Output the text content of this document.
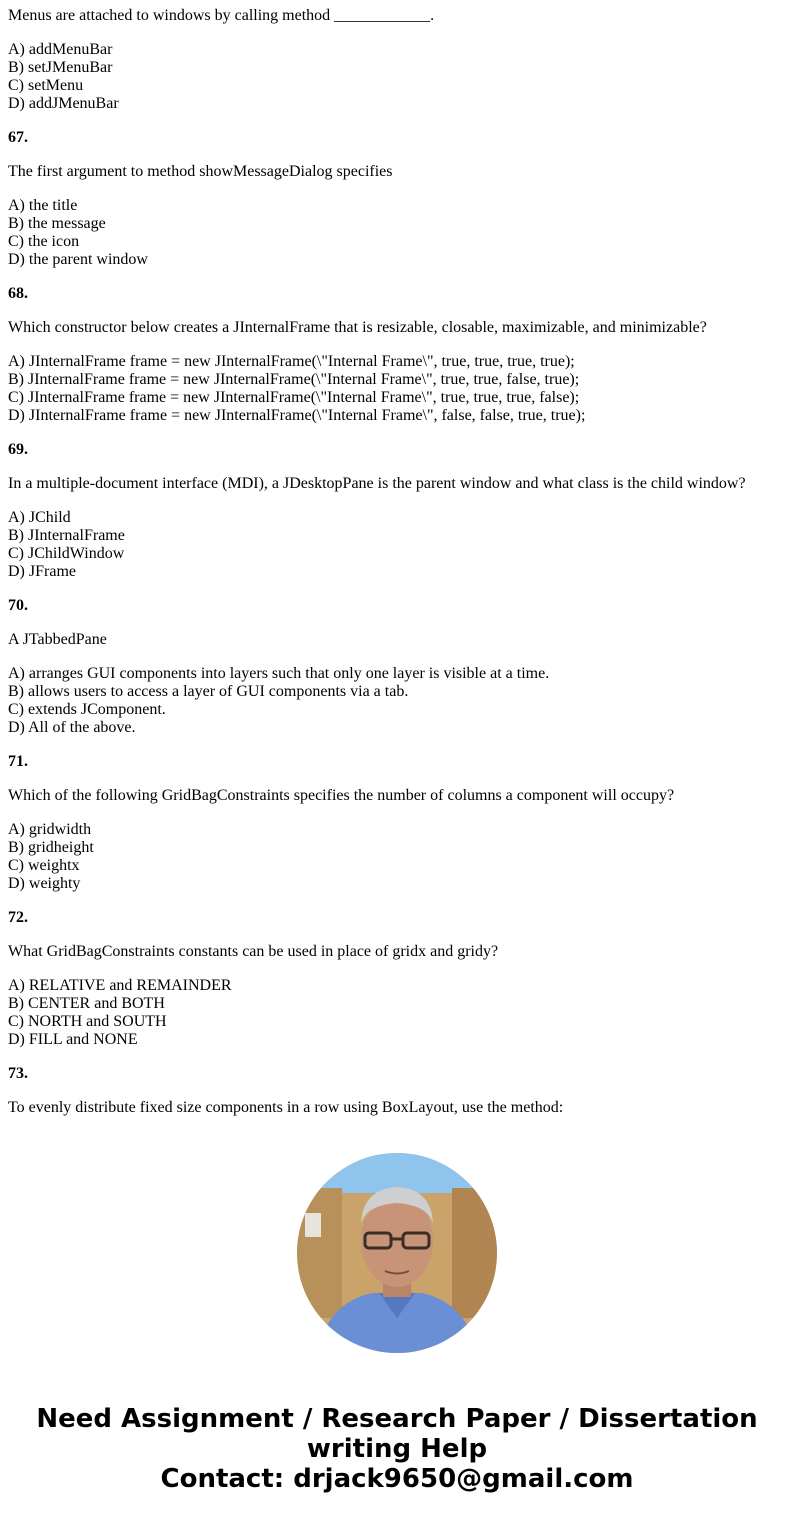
Menus are attached to windows by calling method ____________.

A) addMenuBar
B) setJMenuBar
C) setMenu
D) addJMenuBar

67.

The first argument to method showMessageDialog specifies

A) the title
B) the message
C) the icon
D) the parent window

68.

Which constructor below creates a JInternalFrame that is resizable, closable, maximizable, and minimizable?

A) JInternalFrame frame = new JInternalFrame(\"Internal Frame\", true, true, true, true);
B) JInternalFrame frame = new JInternalFrame(\"Internal Frame\", true, true, false, true);
C) JInternalFrame frame = new JInternalFrame(\"Internal Frame\", true, true, true, false);
D) JInternalFrame frame = new JInternalFrame(\"Internal Frame\", false, false, true, true);

69.

In a multiple-document interface (MDI), a JDesktopPane is the parent window and what class is the child window?

A) JChild
B) JInternalFrame
C) JChildWindow
D) JFrame

70.

A JTabbedPane

A) arranges GUI components into layers such that only one layer is visible at a time.
B) allows users to access a layer of GUI components via a tab.
C) extends JComponent.
D) All of the above.

71.

Which of the following GridBagConstraints specifies the number of columns a component will occupy?

A) gridwidth
B) gridheight
C) weightx
D) weighty

72.

What GridBagConstraints constants can be used in place of gridx and gridy?

A) RELATIVE and REMAINDER
B) CENTER and BOTH
C) NORTH and SOUTH
D) FILL and NONE

73.

To evenly distribute fixed size components in a row using BoxLayout, use the method:

Need Assignment / Research Paper / Dissertation
writing Help
Contact: drjack9650@gmail.com
